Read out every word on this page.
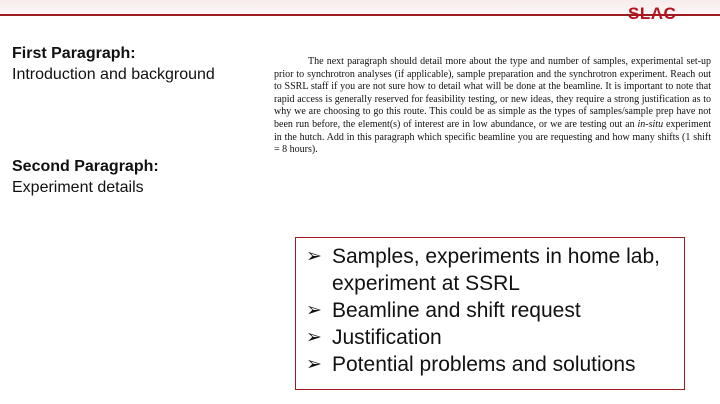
SLAC
First Paragraph:
Introduction and background
Second Paragraph:
Experiment details
The next paragraph should detail more about the type and number of samples, experimental set-up prior to synchrotron analyses (if applicable), sample preparation and the synchrotron experiment. Reach out to SSRL staff if you are not sure how to detail what will be done at the beamline. It is important to note that rapid access is generally reserved for feasibility testing, or new ideas, they require a strong justification as to why we are choosing to go this route. This could be as simple as the types of samples/sample prep have not been run before, the element(s) of interest are in low abundance, or we are testing out an in-situ experiment in the hutch. Add in this paragraph which specific beamline you are requesting and how many shifts (1 shift = 8 hours).
➢ Samples, experiments in home lab, experiment at SSRL
➢ Beamline and shift request
➢ Justification
➢ Potential problems and solutions
